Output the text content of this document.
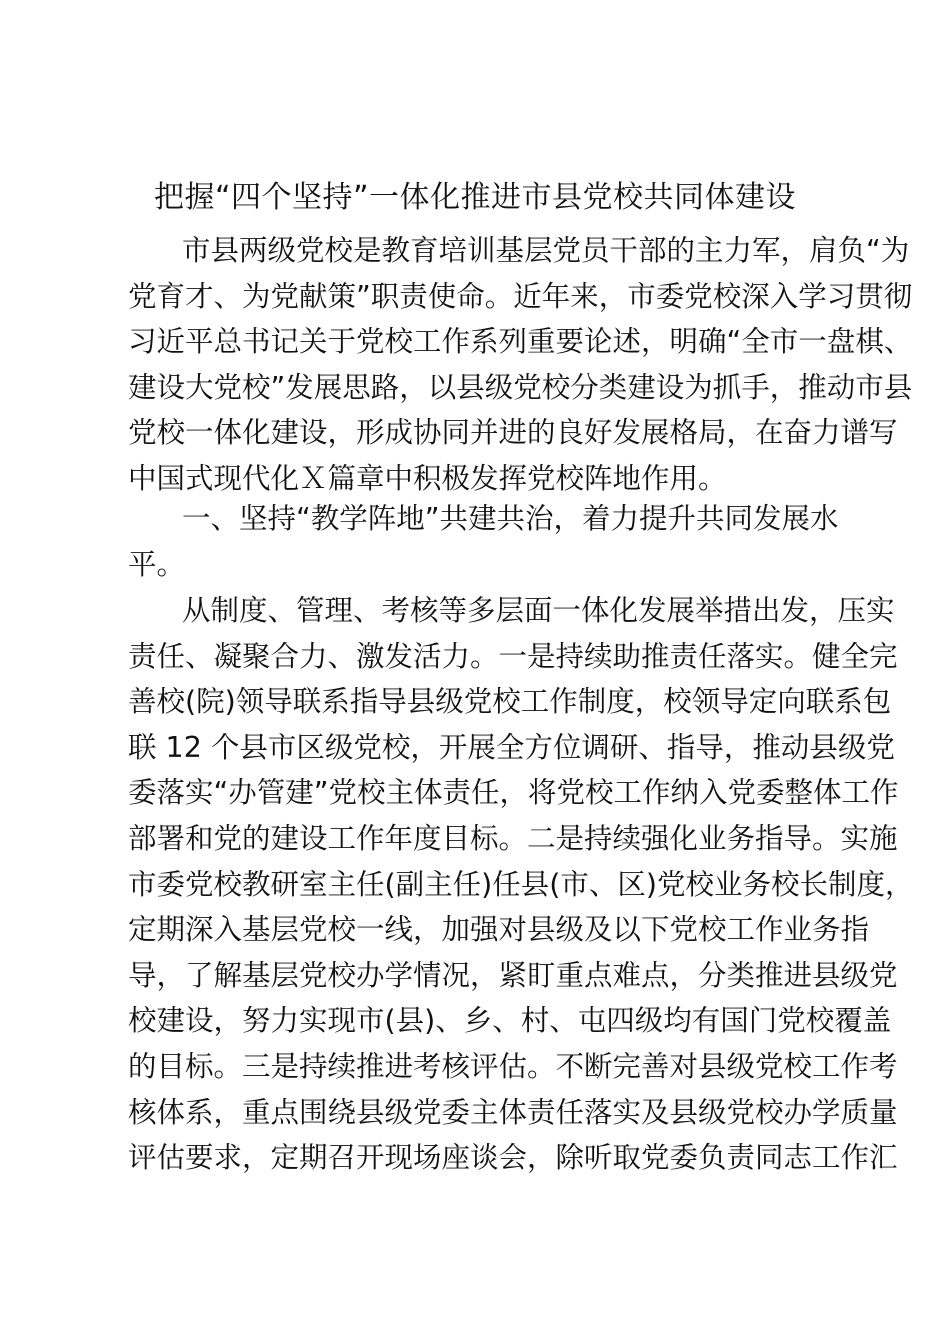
把握“四个坚持”一体化推进市县党校共同体建设
市县两级党校是教育培训基层党员干部的主力军，肩负“为
党育才、为党献策”职责使命。近年来，市委党校深入学习贯彻
习近平总书记关于党校工作系列重要论述，明确“全市一盘棋、
建设大党校”发展思路，以县级党校分类建设为抓手，推动市县
党校一体化建设，形成协同并进的良好发展格局，在奋力谱写
中国式现代化Ｘ篇章中积极发挥党校阵地作用。
一、坚持“教学阵地”共建共治，着力提升共同发展水
平。
从制度、管理、考核等多层面一体化发展举措出发，压实
责任、凝聚合力、激发活力。一是持续助推责任落实。健全完
善校(院)领导联系指导县级党校工作制度，校领导定向联系包
联 12 个县市区级党校，开展全方位调研、指导，推动县级党
委落实“办管建”党校主体责任，将党校工作纳入党委整体工作
部署和党的建设工作年度目标。二是持续强化业务指导。实施
市委党校教研室主任(副主任)任县(市、区)党校业务校长制度，
定期深入基层党校一线，加强对县级及以下党校工作业务指
导，了解基层党校办学情况，紧盯重点难点，分类推进县级党
校建设，努力实现市(县)、乡、村、屯四级均有国门党校覆盖
的目标。三是持续推进考核评估。不断完善对县级党校工作考
核体系，重点围绕县级党委主体责任落实及县级党校办学质量
评估要求，定期召开现场座谈会，除听取党委负责同志工作汇
